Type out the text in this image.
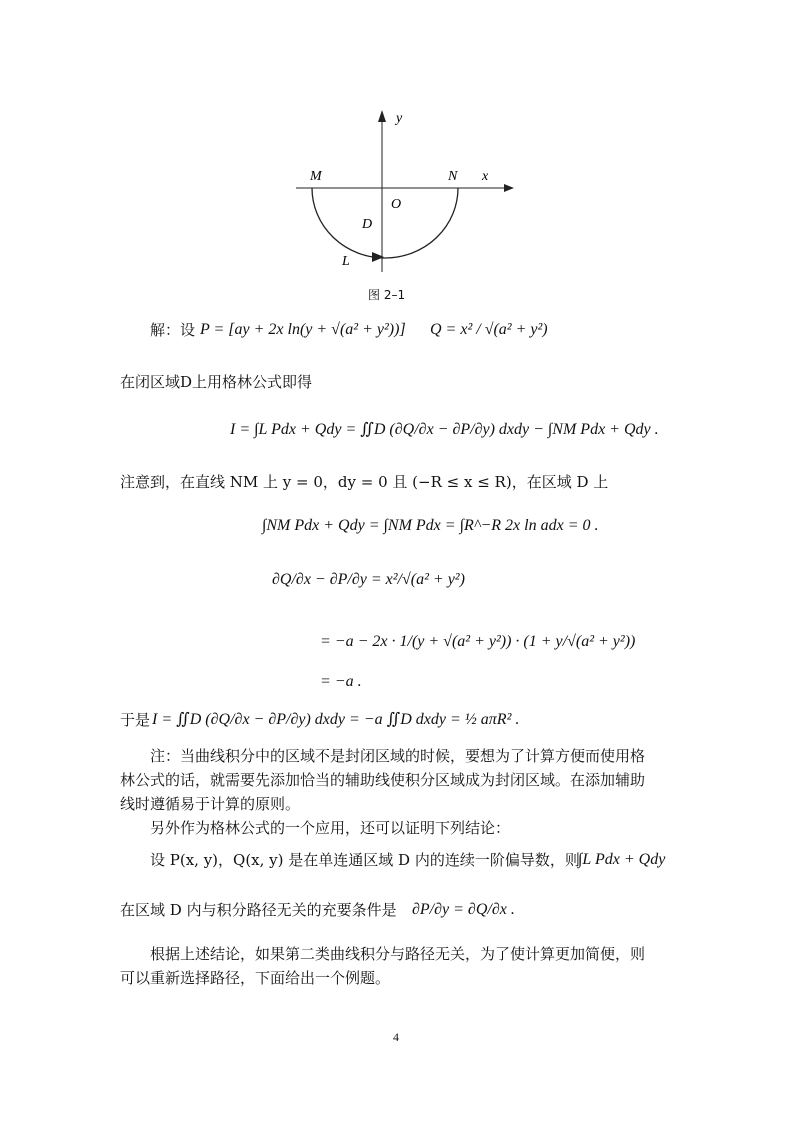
y
x
M	N
O
D
L
图 2–1
解：设 P = [ay + 2x ln(y + √(a² + y²))] Q = x² / √(a² + y²)
在闭区域D上用格林公式即得
I = ∫L Pdx + Qdy = ∬D (∂Q/∂x − ∂P/∂y) dxdy − ∫NM Pdx + Qdy .
注意到，在直线 NM 上 y = 0，dy = 0 且 (−R ≤ x ≤ R)，在区域 D 上
∫NM Pdx + Qdy = ∫NM Pdx = ∫R^−R 2x ln adx = 0 .
∂Q/∂x − ∂P/∂y = x²/√(a² + y²)
= −a − 2x · 1/(y + √(a² + y²)) · (1 + y/√(a² + y²))
= −a .
于是 I = ∬D (∂Q/∂x − ∂P/∂y) dxdy = −a ∬D dxdy = ½ aπR² .
注：当曲线积分中的区域不是封闭区域的时候，要想为了计算方便而使用格
林公式的话，就需要先添加恰当的辅助线使积分区域成为封闭区域。在添加辅助
线时遵循易于计算的原则。
另外作为格林公式的一个应用，还可以证明下列结论：
设 P(x, y)，Q(x, y) 是在单连通区域 D 内的连续一阶偏导数，则
∫L Pdx + Qdy
在区域 D 内与积分路径无关的充要条件是 ∂P/∂y = ∂Q/∂x .
根据上述结论，如果第二类曲线积分与路径无关，为了使计算更加简便，则
可以重新选择路径，下面给出一个例题。
4
